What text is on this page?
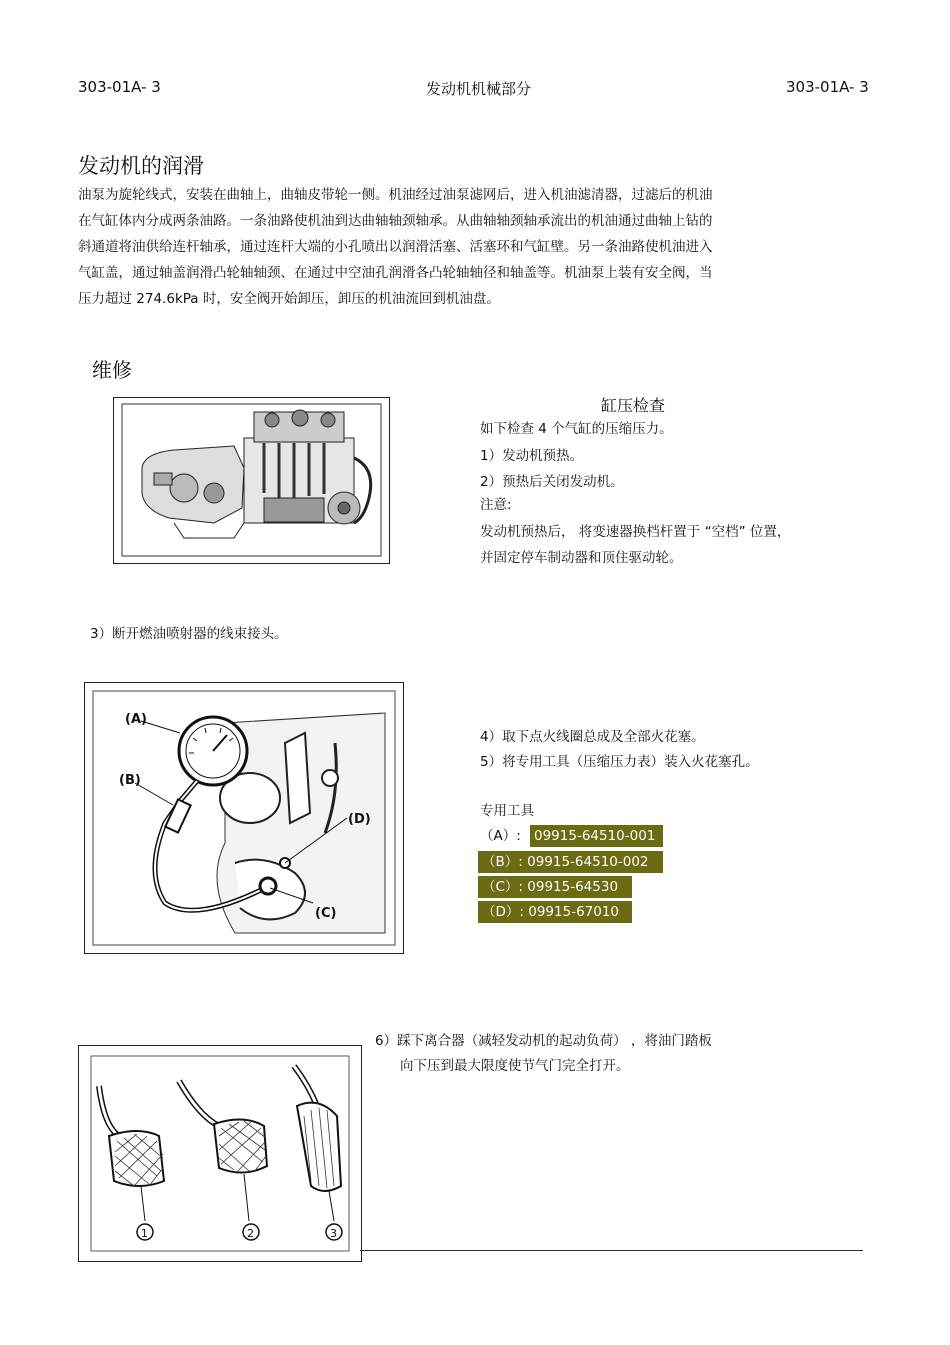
303-01A- 3	发动机机械部分	303-01A- 3
发动机的润滑
油泵为旋轮线式，安装在曲轴上，曲轴皮带轮一侧。机油经过油泵滤网后，进入机油滤清器，过滤后的机油
在气缸体内分成两条油路。一条油路使机油到达曲轴轴颈轴承。从曲轴轴颈轴承流出的机油通过曲轴上钻的
斜通道将油供给连杆轴承，通过连杆大端的小孔喷出以润滑活塞、活塞环和气缸壁。另一条油路使机油进入
气缸盖，通过轴盖润滑凸轮轴轴颈、在通过中空油孔润滑各凸轮轴轴径和轴盖等。机油泵上装有安全阀，当
压力超过 274.6kPa 时，安全阀开始卸压，卸压的机油流回到机油盘。
维修
缸压检查
如下检查 4 个气缸的压缩压力。
1）发动机预热。
2）预热后关闭发动机。
注意:
发动机预热后， 将变速器换档杆置于 “空档” 位置，
并固定停车制动器和顶住驱动轮。
3）断开燃油喷射器的线束接头。
(A)
(B)
(D)
(C)
4）取下点火线圈总成及全部火花塞。
5）将专用工具（压缩压力表）装入火花塞孔。
专用工具
（A）: 09915-64510-001
（B）: 09915-64510-002
（C）: 09915-64530
（D）: 09915-67010
6）踩下离合器（减轻发动机的起动负荷） ，将油门踏板
向下压到最大限度使节气门完全打开。
1	2	3
